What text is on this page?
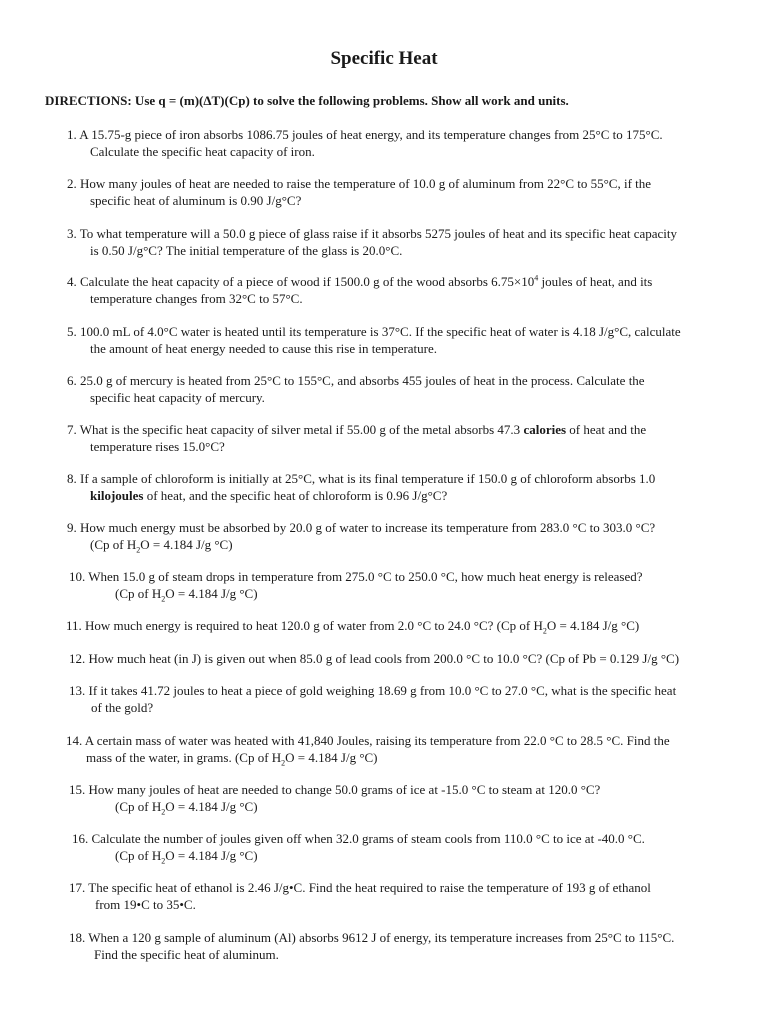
Specific Heat
DIRECTIONS: Use q = (m)(ΔT)(Cp) to solve the following problems. Show all work and units.
1. A 15.75-g piece of iron absorbs 1086.75 joules of heat energy, and its temperature changes from 25°C to 175°C.
Calculate the specific heat capacity of iron.
2. How many joules of heat are needed to raise the temperature of 10.0 g of aluminum from 22°C to 55°C, if the
specific heat of aluminum is 0.90 J/g°C?
3. To what temperature will a 50.0 g piece of glass raise if it absorbs 5275 joules of heat and its specific heat capacity
is 0.50 J/g°C? The initial temperature of the glass is 20.0°C.
4. Calculate the heat capacity of a piece of wood if 1500.0 g of the wood absorbs $6.75\times 10^4$ joules of heat, and its
temperature changes from 32°C to 57°C.
5. 100.0 mL of 4.0°C water is heated until its temperature is 37°C. If the specific heat of water is 4.18 J/g°C, calculate
the amount of heat energy needed to cause this rise in temperature.
6. 25.0 g of mercury is heated from 25°C to 155°C, and absorbs 455 joules of heat in the process. Calculate the
specific heat capacity of mercury.
7. What is the specific heat capacity of silver metal if 55.00 g of the metal absorbs 47.3 calories of heat and the
temperature rises 15.0°C?
8. If a sample of chloroform is initially at 25°C, what is its final temperature if 150.0 g of chloroform absorbs 1.0
kilojoules of heat, and the specific heat of chloroform is 0.96 J/g°C?
9. How much energy must be absorbed by 20.0 g of water to increase its temperature from 283.0 °C to 303.0 °C?
(Cp of $H_2O = 4.184$ J/g °C)
10. When 15.0 g of steam drops in temperature from 275.0 °C to 250.0 °C, how much heat energy is released?
(Cp of $H_2O = 4.184$ J/g °C)
11. How much energy is required to heat 120.0 g of water from 2.0 °C to 24.0 °C? (Cp of $H_2O = 4.184$ J/g °C)
12. How much heat (in J) is given out when 85.0 g of lead cools from 200.0 °C to 10.0 °C? (Cp of Pb = 0.129 J/g °C)
13. If it takes 41.72 joules to heat a piece of gold weighing 18.69 g from 10.0 °C to 27.0 °C, what is the specific heat
of the gold?
14. A certain mass of water was heated with 41,840 Joules, raising its temperature from 22.0 °C to 28.5 °C. Find the
mass of the water, in grams. (Cp of $H_2O = 4.184$ J/g °C)
15. How many joules of heat are needed to change 50.0 grams of ice at -15.0 °C to steam at 120.0 °C?
(Cp of $H_2O = 4.184$ J/g °C)
16. Calculate the number of joules given off when 32.0 grams of steam cools from 110.0 °C to ice at -40.0 °C.
(Cp of $H_2O = 4.184$ J/g °C)
17. The specific heat of ethanol is 2.46 J/g•C. Find the heat required to raise the temperature of 193 g of ethanol
from 19•C to 35•C.
18. When a 120 g sample of aluminum (Al) absorbs 9612 J of energy, its temperature increases from 25°C to 115°C.
Find the specific heat of aluminum.
